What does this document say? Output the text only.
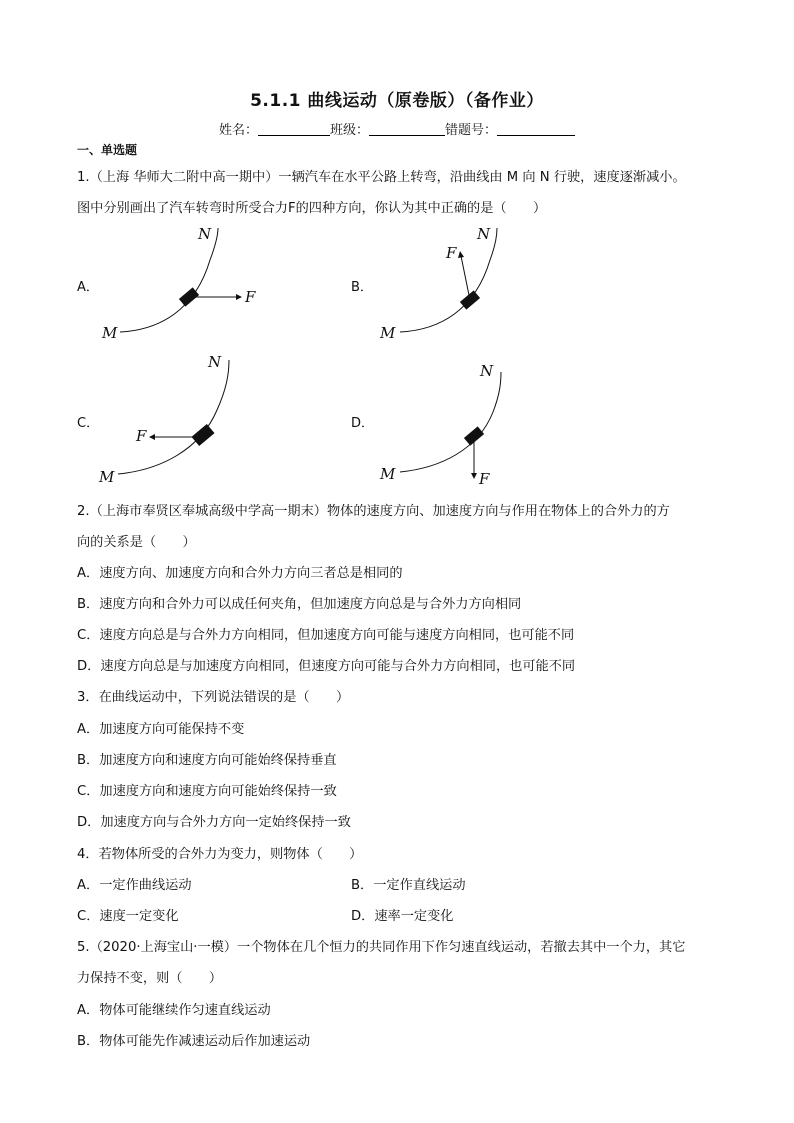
5.1.1 曲线运动（原卷版）（备作业）
姓名：	班级：	错题号：
一、单选题
1.（上海 华师大二附中高一期中）一辆汽车在水平公路上转弯，沿曲线由 M 向 N 行驶，速度逐渐减小。
图中分别画出了汽车转弯时所受合力F的四种方向，你认为其中正确的是（　　）
A．
F
M
N
B．
F
M
N
C．
F
M
N
D．
F
M
N
2.（上海市奉贤区奉城高级中学高一期末）物体的速度方向、加速度方向与作用在物体上的合外力的方
向的关系是（　　）
A．速度方向、加速度方向和合外力方向三者总是相同的
B．速度方向和合外力可以成任何夹角，但加速度方向总是与合外力方向相同
C．速度方向总是与合外力方向相同，但加速度方向可能与速度方向相同，也可能不同
D．速度方向总是与加速度方向相同，但速度方向可能与合外力方向相同，也可能不同
3．在曲线运动中，下列说法错误的是（　　）
A．加速度方向可能保持不变
B．加速度方向和速度方向可能始终保持垂直
C．加速度方向和速度方向可能始终保持一致
D．加速度方向与合外力方向一定始终保持一致
4．若物体所受的合外力为变力，则物体（　　）
A．一定作曲线运动	B．一定作直线运动
C．速度一定变化	D．速率一定变化
5.（2020·上海宝山·一模）一个物体在几个恒力的共同作用下作匀速直线运动，若撤去其中一个力，其它
力保持不变，则（　　）
A．物体可能继续作匀速直线运动
B．物体可能先作减速运动后作加速运动
